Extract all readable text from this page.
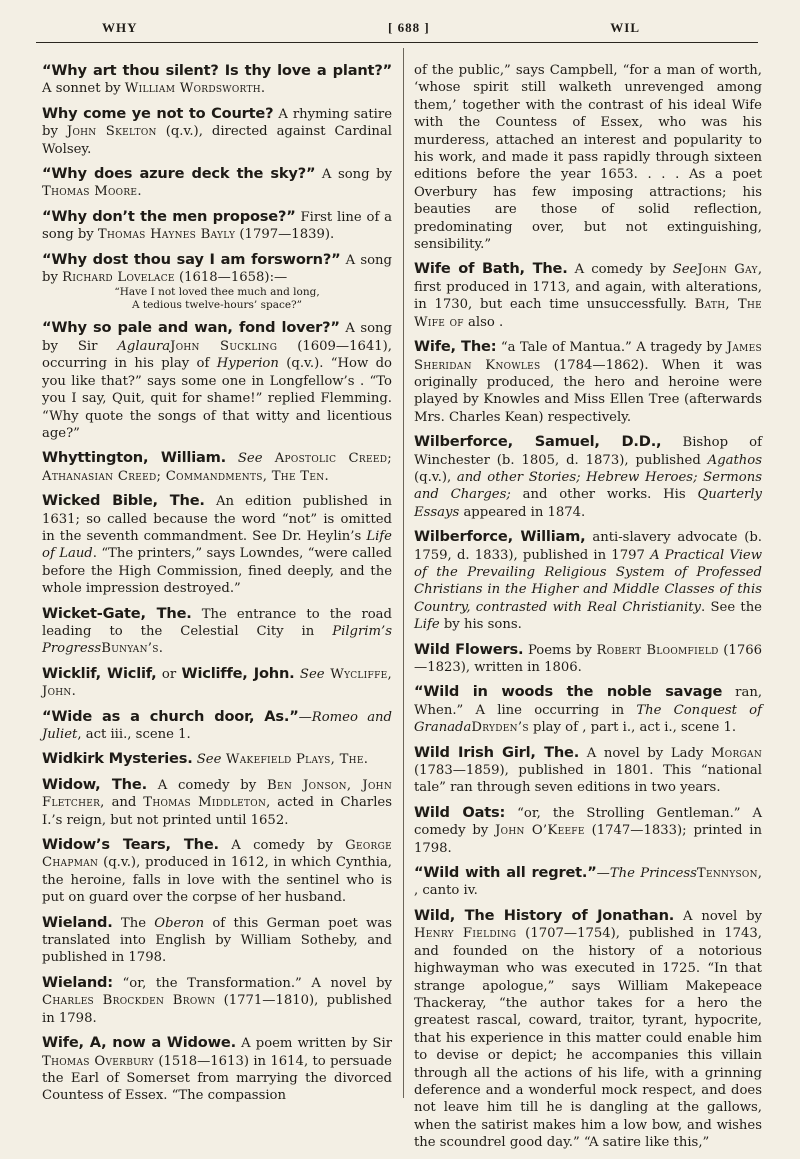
WHY	[ 688 ]	WIL

“Why art thou silent? Is thy love a plant?” A sonnet by William Wordsworth.

Why come ye not to Courte? A rhyming satire by John Skelton (q.v.), directed against Cardinal Wolsey.

“Why does azure deck the sky?” A song by Thomas Moore.

“Why don’t the men propose?” First line of a song by Thomas Haynes Bayly (1797—1839).

“Why dost thou say I am forsworn?” A song by Richard Lovelace (1618—1658):—

“Have I not loved thee much and long,

A tedious twelve-hours’ space?”

“Why so pale and wan, fond lover?” A song by Sir AglauraJohn Suckling (1609—1641), occurring in his play of Hyperion (q.v.). “How do you like that?” says some one in Longfellow’s . “To you I say, Quit, quit for shame!” replied Flemming. “Why quote the songs of that witty and licentious age?”

Whyttington, William. See Apostolic Creed; Athanasian Creed; Commandments, The Ten.

Wicked Bible, The. An edition published in 1631; so called because the word “not” is omitted in the seventh commandment. See Dr. Heylin’s Life of Laud. “The printers,” says Lowndes, “were called before the High Commission, fined deeply, and the whole impression destroyed.”

Wicket-Gate, The. The entrance to the road leading to the Celestial City in Pilgrim’s ProgressBunyan’s.

Wicklif, Wiclif, or Wicliffe, John. See Wycliffe, John.

“Wide as a church door, As.”—Romeo and Juliet, act iii., scene 1.

Widkirk Mysteries. See Wakefield Plays, The.

Widow, The. A comedy by Ben Jonson, John Fletcher, and Thomas Middleton, acted in Charles I.’s reign, but not printed until 1652.

Widow’s Tears, The. A comedy by George Chapman (q.v.), produced in 1612, in which Cynthia, the heroine, falls in love with the sentinel who is put on guard over the corpse of her husband.

Wieland. The Oberon of this German poet was translated into English by William Sotheby, and published in 1798.

Wieland: “or, the Transformation.” A novel by Charles Brockden Brown (1771—1810), published in 1798.

Wife, A, now a Widowe. A poem written by Sir Thomas Overbury (1518—1613) in 1614, to persuade the Earl of Somerset from marrying the divorced Countess of Essex. “The compassion

of the public,” says Campbell, “for a man of worth, ‘whose spirit still walketh unrevenged among them,’ together with the contrast of his ideal Wife with the Countess of Essex, who was his murderess, attached an interest and popularity to his work, and made it pass rapidly through sixteen editions before the year 1653. . . . As a poet Overbury has few imposing attractions; his beauties are those of solid reflection, predominating over, but not extinguishing, sensibility.”

Wife of Bath, The. A comedy by SeeJohn Gay, first produced in 1713, and again, with alterations, in 1730, but each time unsuccessfully. Bath, The Wife of also .

Wife, The: “a Tale of Mantua.” A tragedy by James Sheridan Knowles (1784—1862). When it was originally produced, the hero and heroine were played by Knowles and Miss Ellen Tree (afterwards Mrs. Charles Kean) respectively.

Wilberforce, Samuel, D.D., Bishop of Winchester (b. 1805, d. 1873), published Agathos (q.v.), and other Stories; Hebrew Heroes; Sermons and Charges; and other works. His Quarterly Essays appeared in 1874.

Wilberforce, William, anti-slavery advocate (b. 1759, d. 1833), published in 1797 A Practical View of the Prevailing Religious System of Professed Christians in the Higher and Middle Classes of this Country, contrasted with Real Christianity. See the Life by his sons.

Wild Flowers. Poems by Robert Bloomfield (1766—1823), written in 1806.

“Wild in woods the noble savage ran, When.” A line occurring in The Conquest of GranadaDryden’s play of , part i., act i., scene 1.

Wild Irish Girl, The. A novel by Lady Morgan (1783—1859), published in 1801. This “national tale” ran through seven editions in two years.

Wild Oats: “or, the Strolling Gentleman.” A comedy by John O’Keefe (1747—1833); printed in 1798.

“Wild with all regret.”—The PrincessTennyson, , canto iv.

Wild, The History of Jonathan. A novel by Henry Fielding (1707—1754), published in 1743, and founded on the history of a notorious highwayman who was executed in 1725. “In that strange apologue,” says William Makepeace Thackeray, “the author takes for a hero the greatest rascal, coward, traitor, tyrant, hypocrite, that his experience in this matter could enable him to devise or depict; he accompanies this villain through all the actions of his life, with a grinning deference and a wonderful mock respect, and does not leave him till he is dangling at the gallows, when the satirist makes him a low bow, and wishes the scoundrel good day.” “A satire like this,”
